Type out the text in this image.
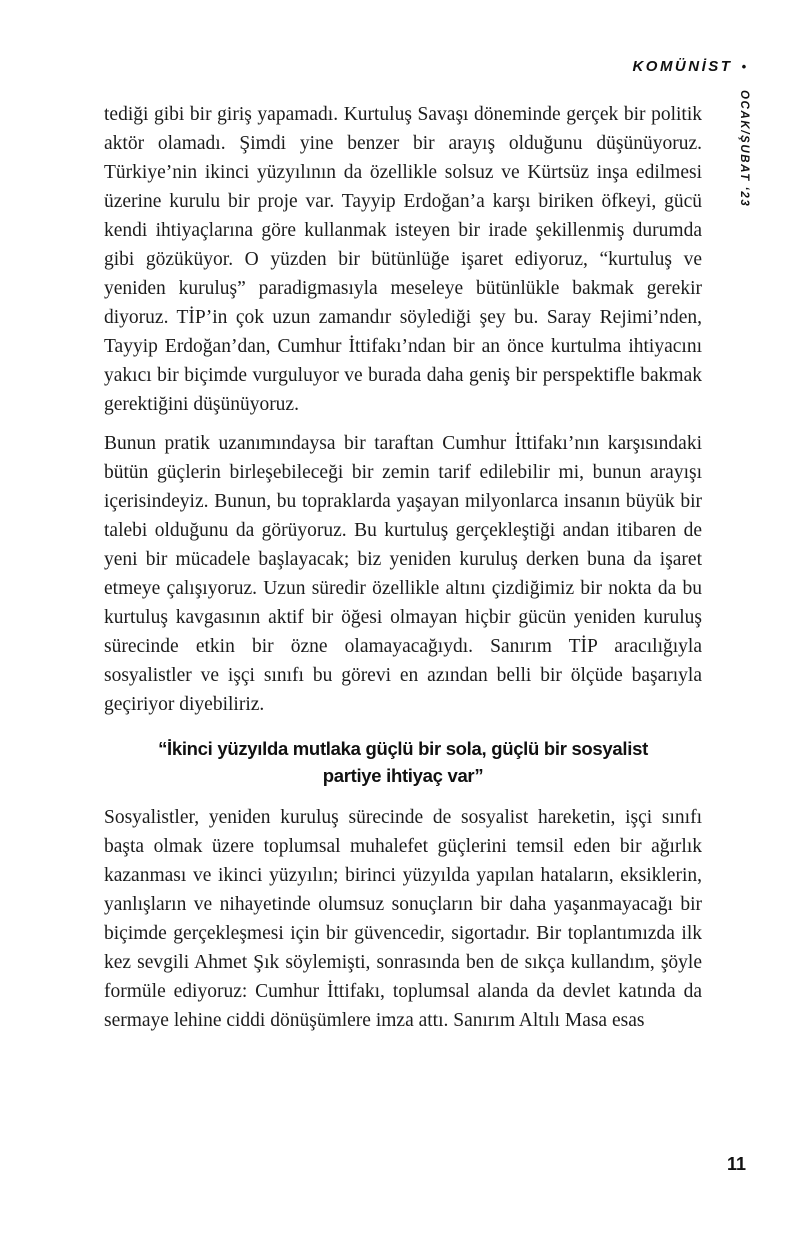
KOMÜNİST •
OCAK/ŞUBAT ‘23

tediği gibi bir giriş yapamadı. Kurtuluş Savaşı döneminde gerçek bir politik aktör olamadı. Şimdi yine benzer bir arayış olduğunu düşünüyoruz. Türkiye’nin ikinci yüzyılının da özellikle solsuz ve Kürtsüz inşa edilmesi üzerine kurulu bir proje var. Tayyip Erdoğan’a karşı biriken öfkeyi, gücü kendi ihtiyaçlarına göre kullanmak isteyen bir irade şekillenmiş durumda gibi gözüküyor. O yüzden bir bütünlüğe işaret ediyoruz, “kurtuluş ve yeniden kuruluş” paradigmasıyla meseleye bütünlükle bakmak gerekir diyoruz. TİP’in çok uzun zamandır söylediği şey bu. Saray Rejimi’nden, Tayyip Erdoğan’dan, Cumhur İttifakı’ndan bir an önce kurtulma ihtiyacını yakıcı bir biçimde vurguluyor ve burada daha geniş bir perspektifle bakmak gerektiğini düşünüyoruz.

Bunun pratik uzanımındaysa bir taraftan Cumhur İttifakı’nın karşısındaki bütün güçlerin birleşebileceği bir zemin tarif edilebilir mi, bunun arayışı içerisindeyiz. Bunun, bu topraklarda yaşayan milyonlarca insanın büyük bir talebi olduğunu da görüyoruz. Bu kurtuluş gerçekleştiği andan itibaren de yeni bir mücadele başlayacak; biz yeniden kuruluş derken buna da işaret etmeye çalışıyoruz. Uzun süredir özellikle altını çizdiğimiz bir nokta da bu kurtuluş kavgasının aktif bir öğesi olmayan hiçbir gücün yeniden kuruluş sürecinde etkin bir özne olamayacağıydı. Sanırım TİP aracılığıyla sosyalistler ve işçi sınıfı bu görevi en azından belli bir ölçüde başarıyla geçiriyor diyebiliriz.

“İkinci yüzyılda mutlaka güçlü bir sola, güçlü bir sosyalist partiye ihtiyaç var”

Sosyalistler, yeniden kuruluş sürecinde de sosyalist hareketin, işçi sınıfı başta olmak üzere toplumsal muhalefet güçlerini temsil eden bir ağırlık kazanması ve ikinci yüzyılın; birinci yüzyılda yapılan hataların, eksiklerin, yanlışların ve nihayetinde olumsuz sonuçların bir daha yaşanmayacağı bir biçimde gerçekleşmesi için bir güvencedir, sigortadır. Bir toplantımızda ilk kez sevgili Ahmet Şık söylemişti, sonrasında ben de sıkça kullandım, şöyle formüle ediyoruz: Cumhur İttifakı, toplumsal alanda da devlet katında da sermaye lehine ciddi dönüşümlere imza attı. Sanırım Altılı Masa esas

11
